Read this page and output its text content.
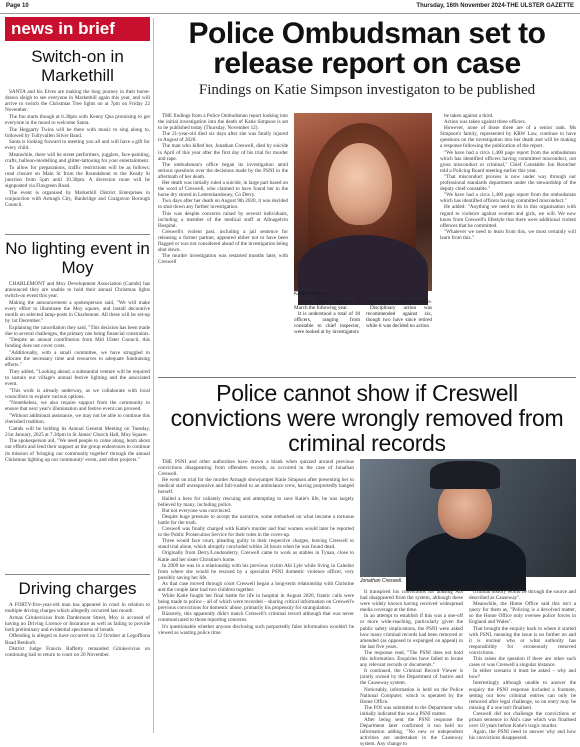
Page 10	Thursday, 16th November 2024-THE ULSTER GAZETTE
news in brief
Switch-on in Markethill

SANTA and his Elves are making the long journey in their horse-drawn sleigh to see everyone in Markethill again this year, and will arrive to switch the Christmas Tree lights on at 7pm on Friday 22 November.

The fun starts though at 6.30pm with Kenny Qua promising to get everyone in the mood to welcome Santa.

The Heggarty Twins will be there with music to sing along to, followed by Tullyvallen Silver Band.

Santa is looking forward to meeting you all and will have a gift for every child.

Meanwhile, there will be street performers, jugglers, face-painting, crafts, balloon-modelling and glitter-tattooing for your entertainment.

To allow for preparations, traffic restrictions will be as follows; road closure on Main St from the Roundabout to the Keady St junction from 5pm until 10.30pm. A diversion route will be signposted via Flaxgreen Road.

The event is organised by Markethill District Enterprises in conjunction with Armagh City, Banbridge and Craigavon Borough Council.

No lighting event in Moy

CHARLEMONT and Moy Development Association (Camds) has announced they are unable to hold their annual Christmas lights switch-on event this year.

Making the announcement a spokesperson said, "We will make every effort to illuminate the Moy square, and install decorative motifs on selected lamp-posts in Charlemont. All these will be set-up by 1st December."

Explaining the cancellation they said, "This decision has been made due to several challenges, the primary one being financial constraints.

"Despite an annual contribution from Mid Ulster Council, this funding does not cover costs.

"Additionally, with a small committee, we have struggled to allocate the necessary time and resources to adequate fundraising efforts."

They added, "Looking ahead, a substantial venture will be required to sustain our village's annual festive lighting and the associated event.

"This work is already underway, as we collaborate with local councillors to explore various options.

"Nonetheless, we also require support from the community to ensure that next year's illumination and festive event can proceed.

"Without additional assistance, we may not be able to continue this cherished tradition.

Camds will be holding its Annual General Meeting on Tuesday, 21st January, 2025 at 7.30pm in St James' Church Hall, Moy Square.

The spokesperson aid, "We need people to come along, learn about our efforts and lend their support as the group endeavours to continue its mission of 'bringing our community together' through the annual Christmas lighting up our community' event, and other projects."

Driving charges

A FORTY-five-year-old man has appeared in court in relation to multiple driving charges which allegedly occurred last month.

Armas Grinkevicius from Dardernont Street, Moy is accused of having no Driving Licence or Insurance as well as failing to provide both preliminary and evidential specimens of breath.

Offending is alleged to have occurred on 12 October at Legoffiona Road Benburb.

District Judge Francis Rafferty remanded Grinkevicius on continuing bail to return to court on 20 November.

Police Ombudsman set to release report on case
Findings on Katie Simpson investigaton to be published

THE findings from a Police Ombudsman report looking into the initial investigation into the death of Katie Simpson is set to be published today (Thursday, November 12).

The 21-year-old died six days after she was fatally injured in August of 2020.

The man who killed her, Jonathan Creswell, died by suicide in April of this year after the first day of his trial for murder and rape.

The ombudsman's office began its investigation amid serious questions over the decisions made by the PSNI in the aftermath of her death.

Her death was initially ruled a suicide, in large part based on the word of Creswell, who claimed to have found her in the horse dry stored in Lettershandoney, Co Derry.

Two days after her death on August 9th 2020, it was decided to shut down any further investigation.

This was despite concerns raised by several individuals, including a member of the medical staff at Altnagelvin Hospital.

Creswell's violent past, including a jail sentence for releasing a former partner, appeared either not to have been flagged or was not considered ahead of the investigation being shut down.

The murder investigation was restarted months later, with Creswell

Katie Simpson.

finally being charged in March the following year.

It is understood a total of 18 officers, ranging from constable to chief inspector, were looked at by investigators

from the ombudsman's office.

Disciplinary action was recommended against six, though two have since retired while it was decided no action

be taken against a third.

Action was taken against three officers.

However, none of those three are of a senior rank. Ms Simpson's family, represented by KRW Law, continue to have questions on the investigation into her death and will be making a response following the publication of the report.

"We have had a circa 1,400 page report from the ombudsman which has identified officers having committed misconduct, not gross misconduct or criminal," Chief Constable Jon Boutcher told a Policing Board meeting earlier this year.

"That misconduct process is now under way through our professional standards department under the stewardship of the deputy chief constable."

"We have had a circa 1,400 page report from the ombudsman which has identified officers having committed misconduct."

He added: "Anything we need to do in this organisation with regard to violence against women and girls, we will. We now know from Creswell's lifestyle that there were additional violent offences that he committed.

"Whatever we need to learn from this, we most certainly will learn from this."

Police cannot show if Creswell convictions were wrongly removed from criminal records

THE PSNI and other authorities have drawn a blank when quizzed around previous convictions disappearing from offenders records, as occurred in the case of Jonathan Creswell.

He went on trial for the murder Armagh showjumper Katie Simpson after presenting her to medical staff unresponsive and full-rushed to an ambulance crew, having purportedly hanged herself.

Hailed a hero for valiantly rescuing and attempting to save Katie's life, he was largely believed by many, including police.

But not everyone was convinced.

Despite huge pressure to accept the narrative, some embarked on what became a tortuous battle for the truth.

Creswell was finally charged with Katie's murder and four women would later be reported to the Public Prosecution Service for their roles in the cover-up.

Three would face court, pleading guilty to their respective charges, leaving Creswell to stand trial alone, which abruptly concluded within 24 hours when he was found dead.

Originally from Derry/Londonderry, Creswell came to work as stables in Tynan, close to Katie and her sister Christine's home.

In 2009 he was in a relationship with his previous victim Abi Lyle while living in Caledon from where she would be rescued by a specialist PSNI domestic violence officer, very possibly saving her life.

As that case moved through court Creswell began a long-term relationship with Christine and the couple later had two children together.

While Katie fought her final battle for life in hospital in August 2020, frantic calls were being made to police – all of which were recorded – sharing critical information on Creswell's previous convictions for domestic abuse, primarily his propensity for strangulation.

Bizarrely, this apparently didn't match Creswell's criminal record although that was never communicated to those reporting concerns.

It's questionable whether anyone disclosing such purportedly false information wouldn't be viewed as wasting police time.

Jonathan Creswell.

It transpired his convictions for abusing Abi had disappeared from the system, although these were widely known having received widespread media coverage at the time.

In an attempt to establish if this was a one-off or more wide-reaching, particularly given the public safety implications, the PSNI were asked how many criminal records had been removed or amended (as opposed to expunged on appeal) in the last five years.

The response read, "The PSNI does not hold this information. Enquiries have failed to locate any relevant records or documents."

It continued, the Criminal Record Viewer is jointly owned by the Department of Justice and the Causeway system.

Noticeably, information is held on the Police National Computer, which is operated by the Home Office.

The FOI was submitted to the Department who initially indicated this was a PSNI matter.

After being sent the PSNI response the Department later confirmed it too held no information adding, "No new or independent activities are undertaken in the Causeway system. Any change to

criminal history would be through the source and described as Causeway".

Meanwhile, the Home Office said this isn't a query for them as, "Policing is a devolved matter, so the Home Office only oversee police forces in England and Wales".

That brought the enquiry back to where it started with PSNI, meaning the issue is no further on and it is unclear who or what authority has responsibility for erroneously removed convictions.

This raises the question if there are other such cases or was Creswell a singular instance.

In either scenario it must be asked – why and how?

Interestingly although unable to answer the enquiry the PSNI response included a footnote, setting out how criminal entries can only be removed after legal challenge, so on entry may be missing if a one isn't finalised.

Creswell did not challenge the convictions or prison sentence in Abi's case which was finalised over 10 years before Katie's tragic murder.

Again, the PSNI need to answer why and how his convictions disappeared.
